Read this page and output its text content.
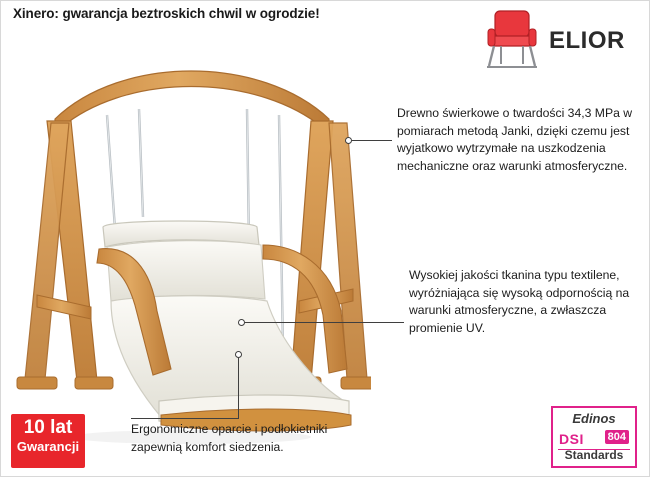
Xinero: gwarancja beztroskich chwil w ogrodzie!
ELIOR
Drewno świerkowe o twardości 34,3 MPa w pomiarach metodą Janki, dzięki czemu jest wyjatkowo wytrzymałe na uszkodzenia mechaniczne oraz warunki atmosferyczne.
Wysokiej jakości tkanina typu textilene, wyróżniająca się wysoką odpornością na warunki atmosferyczne, a zwłaszcza promienie UV.
Ergonomiczne oparcie i podłokietniki zapewnią komfort siedzenia.
10 lat
Gwarancji
Edinos
DSI 804
Standards
